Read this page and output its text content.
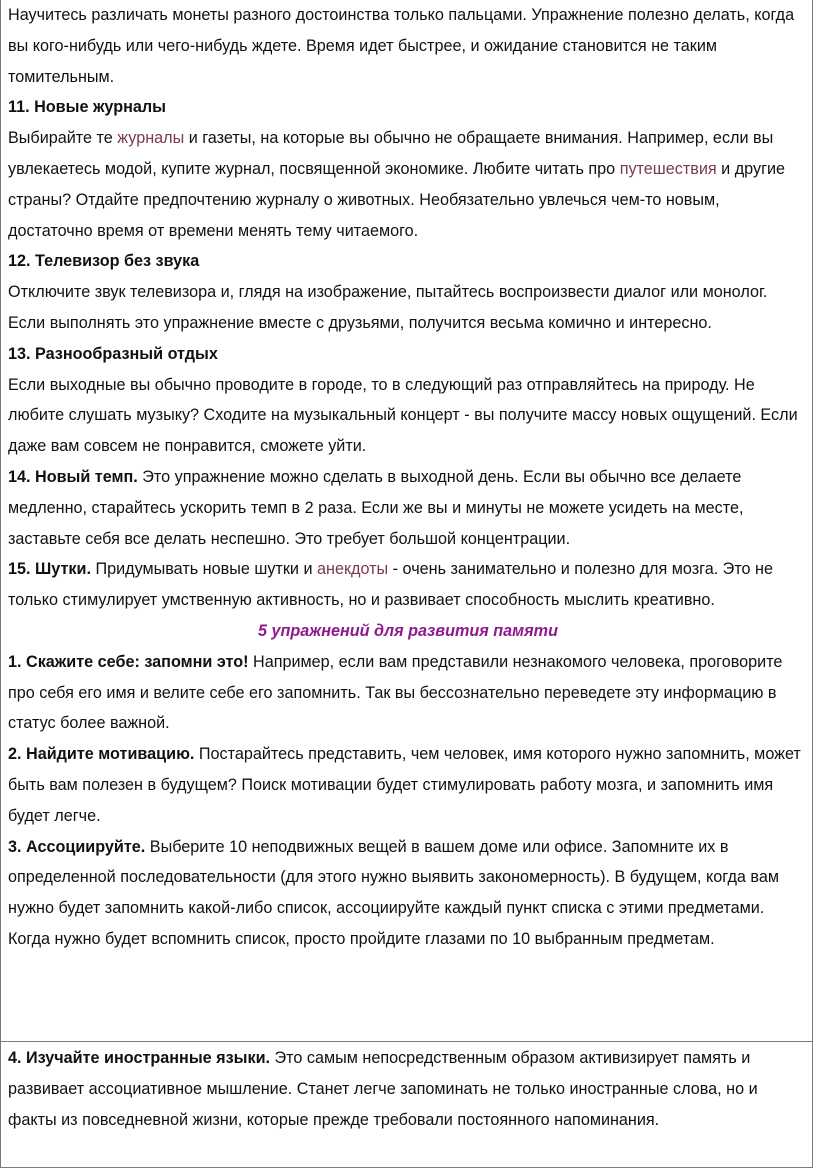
Научитесь различать монеты разного достоинства только пальцами. Упражнение полезно делать, когда вы кого-нибудь или чего-нибудь ждете. Время идет быстрее, и ожидание становится не таким томительным.

11. Новые журналы

Выбирайте те журналы и газеты, на которые вы обычно не обращаете внимания. Например, если вы увлекаетесь модой, купите журнал, посвященной экономике. Любите читать про путешествия и другие страны? Отдайте предпочтению журналу о животных. Необязательно увлечься чем-то новым, достаточно время от времени менять тему читаемого.

12. Телевизор без звука

Отключите звук телевизора и, глядя на изображение, пытайтесь воспроизвести диалог или монолог. Если выполнять это упражнение вместе с друзьями, получится весьма комично и интересно.

13. Разнообразный отдых

Если выходные вы обычно проводите в городе, то в следующий раз отправляйтесь на природу. Не любите слушать музыку? Сходите на музыкальный концерт - вы получите массу новых ощущений. Если даже вам совсем не понравится, сможете уйти.

14. Новый темп. Это упражнение можно сделать в выходной день. Если вы обычно все делаете медленно, старайтесь ускорить темп в 2 раза. Если же вы и минуты не можете усидеть на месте, заставьте себя все делать неспешно. Это требует большой концентрации.

15. Шутки. Придумывать новые шутки и анекдоты - очень занимательно и полезно для мозга. Это не только стимулирует умственную активность, но и развивает способность мыслить креативно.

5 упражнений для развития памяти

1. Скажите себе: запомни это! Например, если вам представили незнакомого человека, проговорите про себя его имя и велите себе его запомнить. Так вы бессознательно переведете эту информацию в статус более важной.

2. Найдите мотивацию. Постарайтесь представить, чем человек, имя которого нужно запомнить, может быть вам полезен в будущем? Поиск мотивации будет стимулировать работу мозга, и запомнить имя будет легче.

3. Ассоциируйте. Выберите 10 неподвижных вещей в вашем доме или офисе. Запомните их в определенной последовательности (для этого нужно выявить закономерность). В будущем, когда вам нужно будет запомнить какой-либо список, ассоциируйте каждый пункт списка с этими предметами. Когда нужно будет вспомнить список, просто пройдите глазами по 10 выбранным предметам.

4. Изучайте иностранные языки. Это самым непосредственным образом активизирует память и развивает ассоциативное мышление. Станет легче запоминать не только иностранные слова, но и факты из повседневной жизни, которые прежде требовали постоянного напоминания.
